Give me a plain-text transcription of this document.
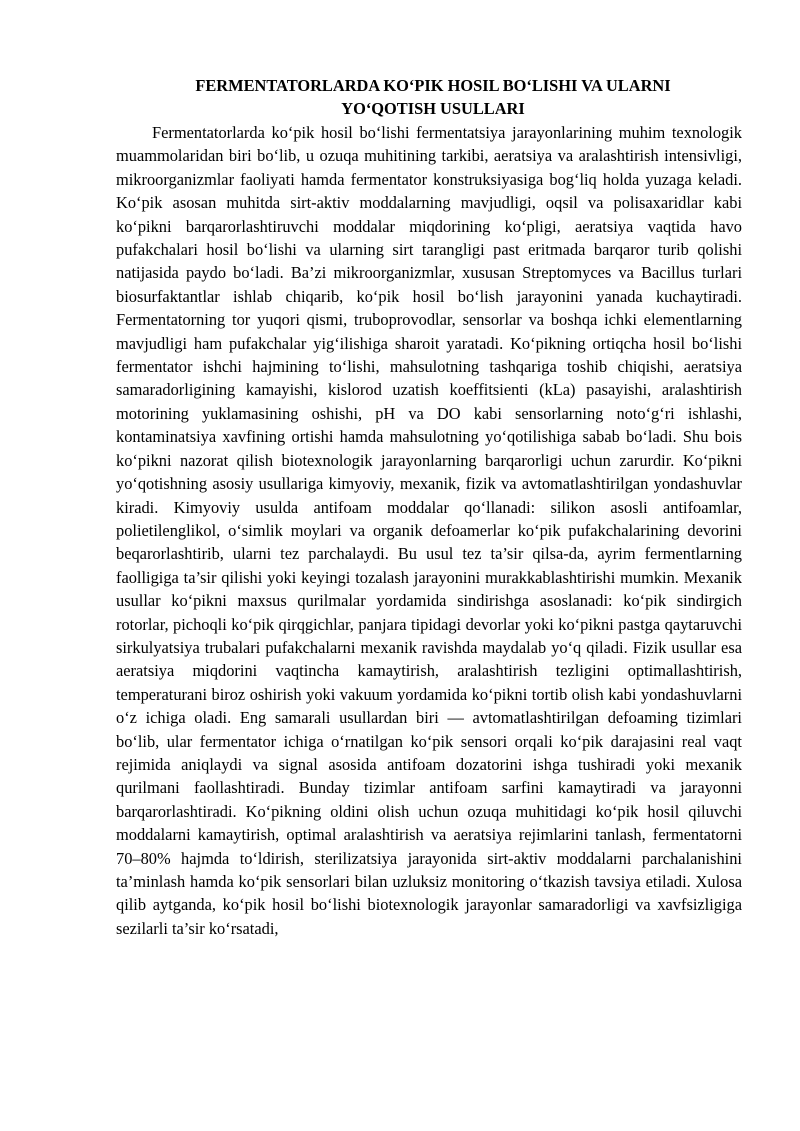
FERMENTATORLARDA KO‘PIK HOSIL BO‘LISHI VA ULARNI
YO‘QOTISH USULLARI

Fermentatorlarda ko‘pik hosil bo‘lishi fermentatsiya jarayonlarining muhim texnologik muammolaridan biri bo‘lib, u ozuqa muhitining tarkibi, aeratsiya va aralashtirish intensivligi, mikroorganizmlar faoliyati hamda fermentator konstruksiyasiga bog‘liq holda yuzaga keladi. Ko‘pik asosan muhitda sirt-aktiv moddalarning mavjudligi, oqsil va polisaxaridlar kabi ko‘pikni barqarorlashtiruvchi moddalar miqdorining ko‘pligi, aeratsiya vaqtida havo pufakchalari hosil bo‘lishi va ularning sirt tarangligi past eritmada barqaror turib qolishi natijasida paydo bo‘ladi. Ba’zi mikroorganizmlar, xususan Streptomyces va Bacillus turlari biosurfaktantlar ishlab chiqarib, ko‘pik hosil bo‘lish jarayonini yanada kuchaytiradi. Fermentatorning tor yuqori qismi, truboprovodlar, sensorlar va boshqa ichki elementlarning mavjudligi ham pufakchalar yig‘ilishiga sharoit yaratadi. Ko‘pikning ortiqcha hosil bo‘lishi fermentator ishchi hajmining to‘lishi, mahsulotning tashqariga toshib chiqishi, aeratsiya samaradorligining kamayishi, kislorod uzatish koeffitsienti (kLa) pasayishi, aralashtirish motorining yuklamasining oshishi, pH va DO kabi sensorlarning noto‘g‘ri ishlashi, kontaminatsiya xavfining ortishi hamda mahsulotning yo‘qotilishiga sabab bo‘ladi. Shu bois ko‘pikni nazorat qilish biotexnologik jarayonlarning barqarorligi uchun zarurdir. Ko‘pikni yo‘qotishning asosiy usullariga kimyoviy, mexanik, fizik va avtomatlashtirilgan yondashuvlar kiradi. Kimyoviy usulda antifoam moddalar qo‘llanadi: silikon asosli antifoamlar, polietilenglikol, o‘simlik moylari va organik defoamerlar ko‘pik pufakchalarining devorini beqarorlashtirib, ularni tez parchalaydi. Bu usul tez ta’sir qilsa-da, ayrim fermentlarning faolligiga ta’sir qilishi yoki keyingi tozalash jarayonini murakkablashtirishi mumkin. Mexanik usullar ko‘pikni maxsus qurilmalar yordamida sindirishga asoslanadi: ko‘pik sindirgich rotorlar, pichoqli ko‘pik qirqgichlar, panjara tipidagi devorlar yoki ko‘pikni pastga qaytaruvchi sirkulyatsiya trubalari pufakchalarni mexanik ravishda maydalab yo‘q qiladi. Fizik usullar esa aeratsiya miqdorini vaqtincha kamaytirish, aralashtirish tezligini optimallashtirish, temperaturani biroz oshirish yoki vakuum yordamida ko‘pikni tortib olish kabi yondashuvlarni o‘z ichiga oladi. Eng samarali usullardan biri — avtomatlashtirilgan defoaming tizimlari bo‘lib, ular fermentator ichiga o‘rnatilgan ko‘pik sensori orqali ko‘pik darajasini real vaqt rejimida aniqlaydi va signal asosida antifoam dozatorini ishga tushiradi yoki mexanik qurilmani faollashtiradi. Bunday tizimlar antifoam sarfini kamaytiradi va jarayonni barqarorlashtiradi. Ko‘pikning oldini olish uchun ozuqa muhitidagi ko‘pik hosil qiluvchi moddalarni kamaytirish, optimal aralashtirish va aeratsiya rejimlarini tanlash, fermentatorni 70–80% hajmda to‘ldirish, sterilizatsiya jarayonida sirt-aktiv moddalarni parchalanishini ta’minlash hamda ko‘pik sensorlari bilan uzluksiz monitoring o‘tkazish tavsiya etiladi. Xulosa qilib aytganda, ko‘pik hosil bo‘lishi biotexnologik jarayonlar samaradorligi va xavfsizligiga sezilarli ta’sir ko‘rsatadi,
